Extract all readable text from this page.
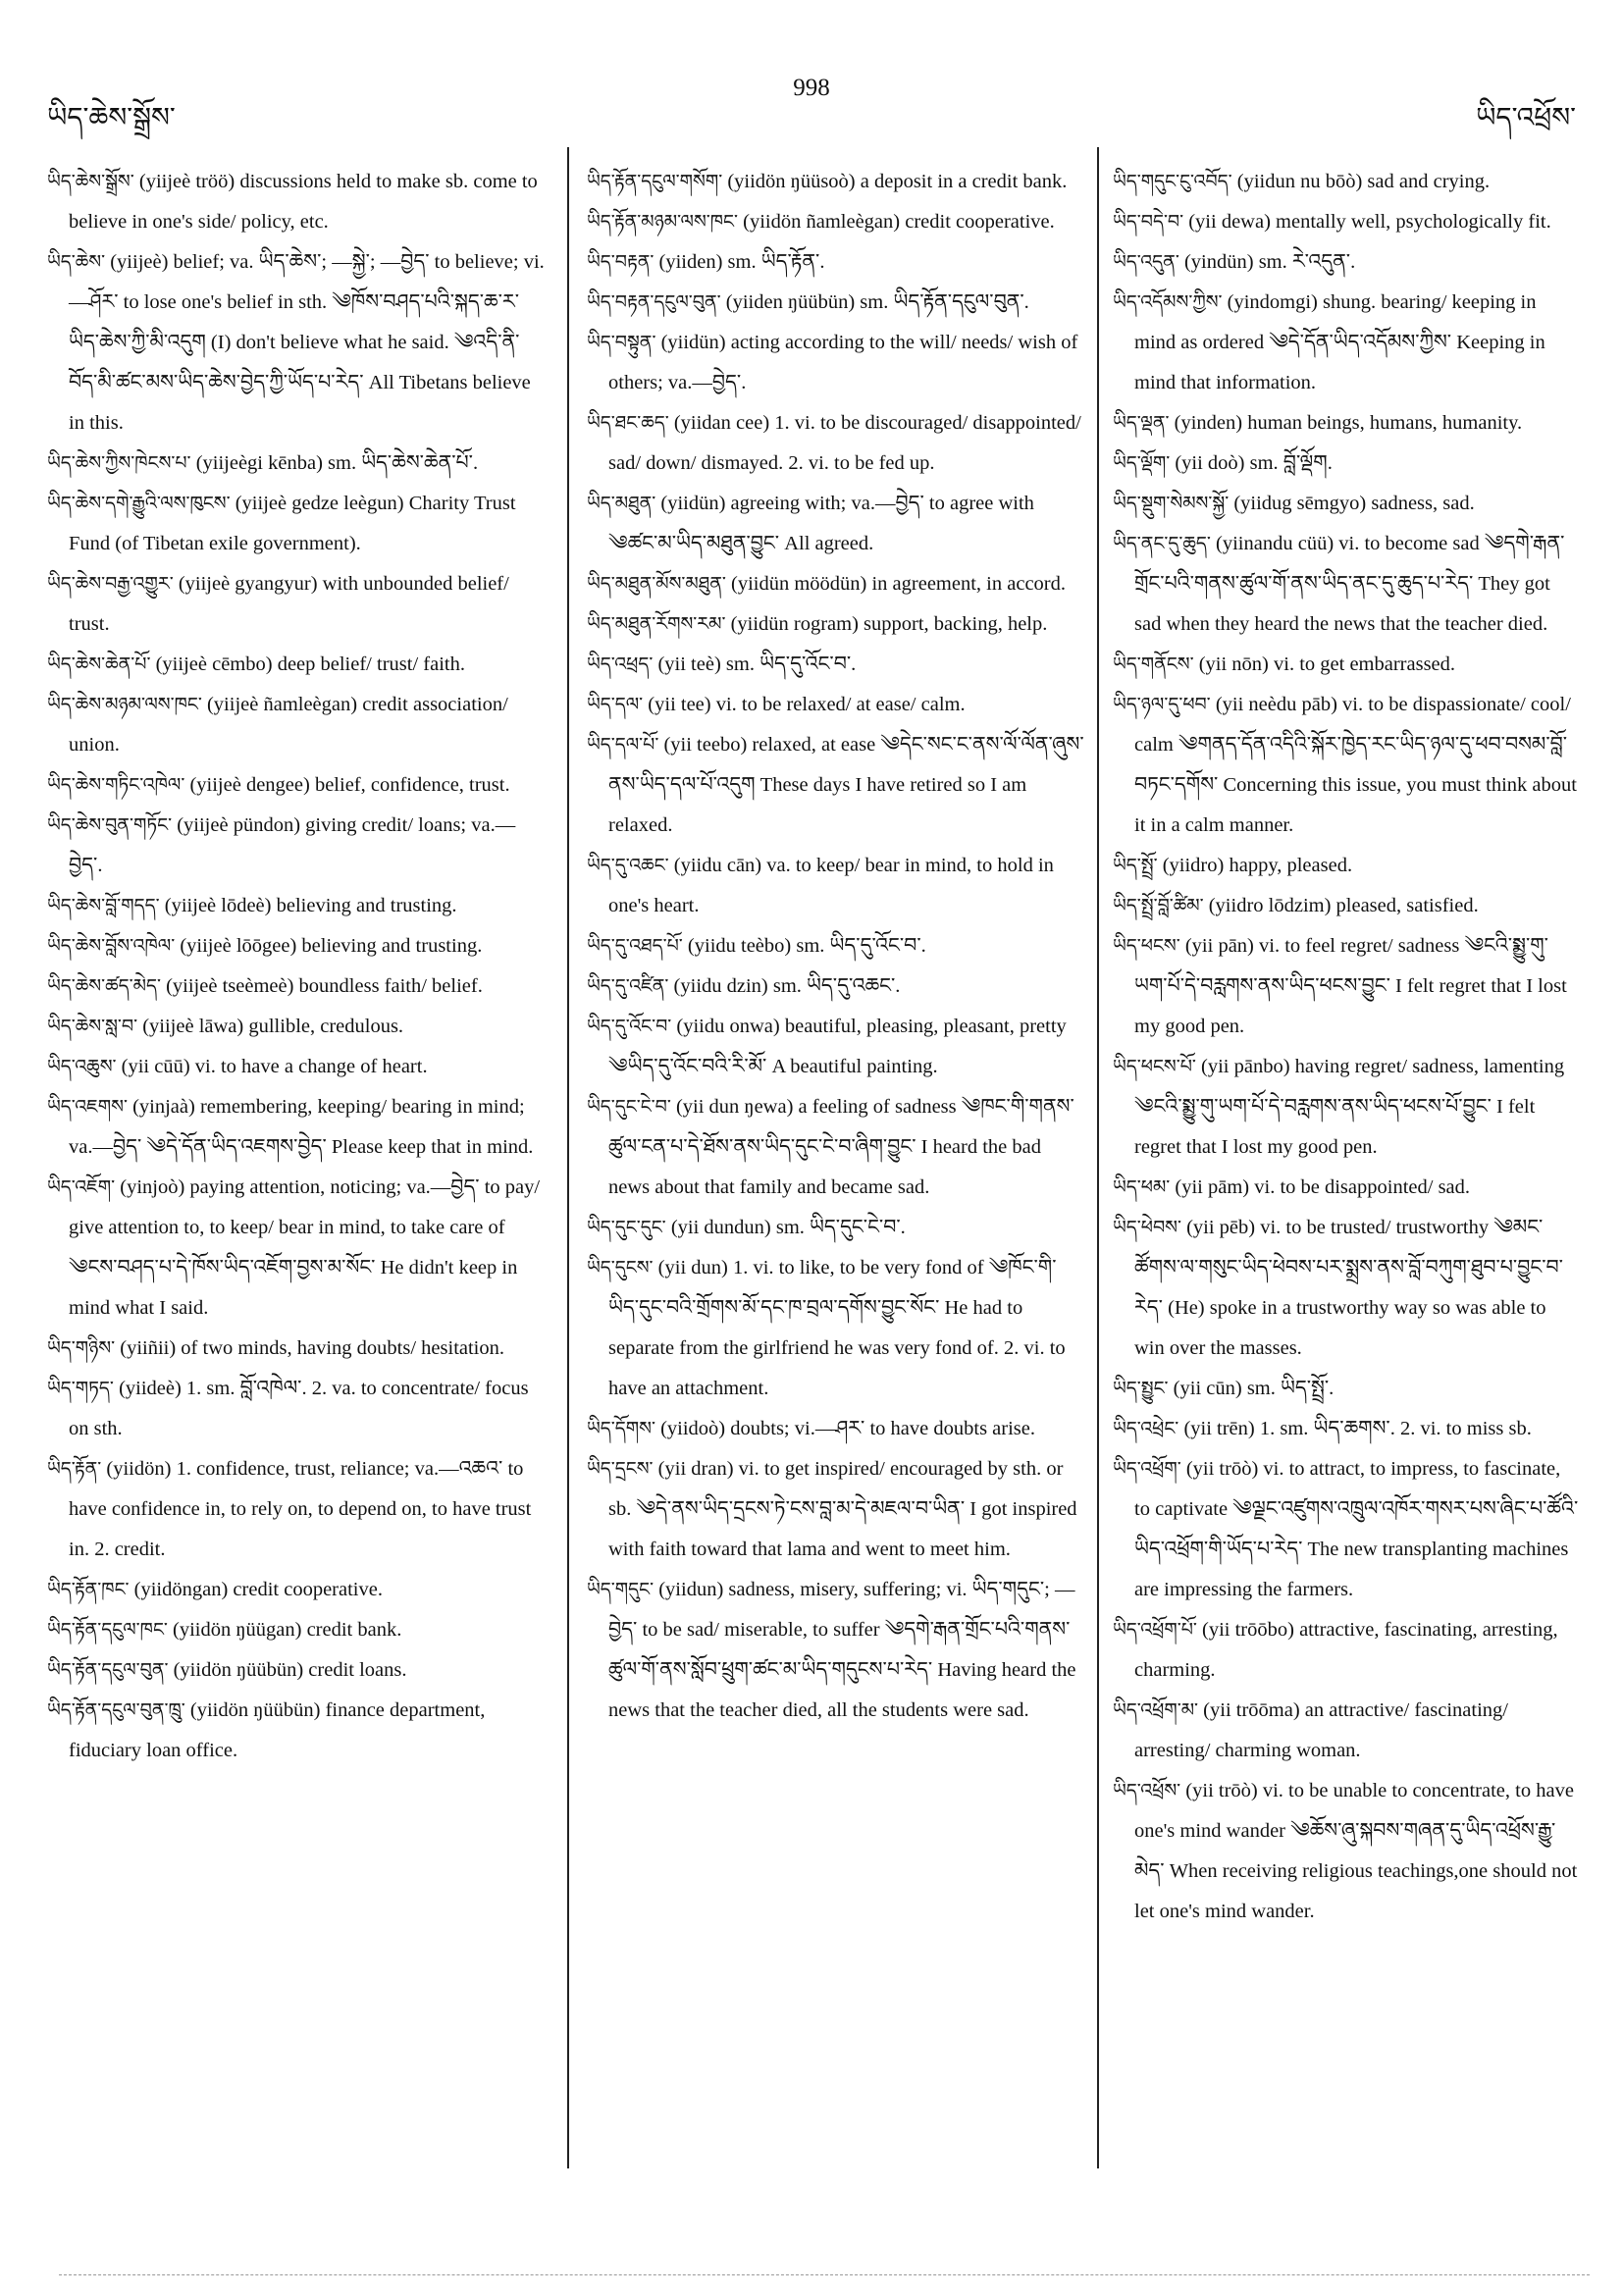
ཡིད་ཆེས་སྒྲོས་
998
ཡིད་འཕྲོས་

ཡིད་ཆེས་སྒྲོས་ (yiijeè tröö) discussions held to make sb. come to believe in one's side/ policy, etc.

ཡིད་ཆེས་ (yiijeè) belief; va. ཡིད་ཆེས་; —སྐྱེ་; —བྱེད་ to believe; vi.—ཤོར་ to lose one's belief in sth. ༄ཁོས་བཤད་པའི་སྐད་ཆ་ར་ཡིད་ཆེས་ཀྱི་མི་འདུག (I) don't believe what he said. ༄འདི་ནི་བོད་མི་ཚང་མས་ཡིད་ཆེས་བྱེད་ཀྱི་ཡོད་པ་རེད་ All Tibetans believe in this.

ཡིད་ཆེས་ཀྱིས་ཁེངས་པ་ (yiijeègi kēnba) sm. ཡིད་ཆེས་ཆེན་པོ་.

ཡིད་ཆེས་དགེ་རྒྱུའི་ལས་ཁུངས་ (yiijeè gedze leègun) Charity Trust Fund (of Tibetan exile government).

ཡིད་ཆེས་བརྒྱ་འགྱུར་ (yiijeè gyangyur) with unbounded belief/ trust.

ཡིད་ཆེས་ཆེན་པོ་ (yiijeè cēmbo) deep belief/ trust/ faith.

ཡིད་ཆེས་མཉམ་ལས་ཁང་ (yiijeè ñamleègan) credit association/ union.

ཡིད་ཆེས་གཏིང་འཁེལ་ (yiijeè dengee) belief, confidence, trust.

ཡིད་ཆེས་བུན་གཏོང་ (yiijeè pündon) giving credit/ loans; va.—བྱེད་.

ཡིད་ཆེས་བློ་གདད་ (yiijeè lōdeè) believing and trusting.

ཡིད་ཆེས་བློས་འཁེལ་ (yiijeè lōōgee) believing and trusting.

ཡིད་ཆེས་ཚད་མེད་ (yiijeè tseèmeè) boundless faith/ belief.

ཡིད་ཆེས་སླ་བ་ (yiijeè lāwa) gullible, credulous.

ཡིད་འཆུས་ (yii cūū) vi. to have a change of heart.

ཡིད་འཇགས་ (yinjaà) remembering, keeping/ bearing in mind; va.—བྱེད་ ༄དེ་དོན་ཡིད་འཇགས་བྱེད་ Please keep that in mind.

ཡིད་འཇོག་ (yinjoò) paying attention, noticing; va.—བྱེད་ to pay/ give attention to, to keep/ bear in mind, to take care of ༄ངས་བཤད་པ་དེ་ཁོས་ཡིད་འཇོག་བྱས་མ་སོང་ He didn't keep in mind what I said.

ཡིད་གཉིས་ (yiiñii) of two minds, having doubts/ hesitation.

ཡིད་གཏད་ (yiideè) 1. sm. བློ་འཁེལ་. 2. va. to concentrate/ focus on sth.

ཡིད་རྟོན་ (yiidön) 1. confidence, trust, reliance; va.—འཆའ་ to have confidence in, to rely on, to depend on, to have trust in. 2. credit.

ཡིད་རྟོན་ཁང་ (yiidöngan) credit cooperative.

ཡིད་རྟོན་དངུལ་ཁང་ (yiidön ŋüügan) credit bank.

ཡིད་རྟོན་དངུལ་བུན་ (yiidön ŋüübün) credit loans.

ཡིད་རྟོན་དངུལ་བུན་ཁྲུ་ (yiidön ŋüübün) finance department, fiduciary loan office.

ཡིད་རྟོན་དངུལ་གསོག་ (yiidön ŋüüsoò) a deposit in a credit bank.

ཡིད་རྟོན་མཉམ་ལས་ཁང་ (yiidön ñamleègan) credit cooperative.

ཡིད་བརྟན་ (yiiden) sm. ཡིད་རྟོན་.

ཡིད་བརྟན་དངུལ་བུན་ (yiiden ŋüübün) sm. ཡིད་རྟོན་དངུལ་བུན་.

ཡིད་བསྟུན་ (yiidün) acting according to the will/ needs/ wish of others; va.—བྱེད་.

ཡིད་ཐང་ཆད་ (yiidan cee) 1. vi. to be discouraged/ disappointed/ sad/ down/ dismayed. 2. vi. to be fed up.

ཡིད་མཐུན་ (yiidün) agreeing with; va.—བྱེད་ to agree with ༄ཚང་མ་ཡིད་མཐུན་བྱུང་ All agreed.

ཡིད་མཐུན་མོས་མཐུན་ (yiidün möödün) in agreement, in accord.

ཡིད་མཐུན་རོགས་རམ་ (yiidün rogram) support, backing, help.

ཡིད་འཕྲད་ (yii teè) sm. ཡིད་དུ་འོང་བ་.

ཡིད་དལ་ (yii tee) vi. to be relaxed/ at ease/ calm.

ཡིད་དལ་པོ་ (yii teebo) relaxed, at ease ༄དེང་སང་ང་ནས་ལོ་ལོན་ཞུས་ནས་ཡིད་དལ་པོ་འདུག These days I have retired so I am relaxed.

ཡིད་དུ་འཆང་ (yiidu cān) va. to keep/ bear in mind, to hold in one's heart.

ཡིད་དུ་འཐད་པོ་ (yiidu teèbo) sm. ཡིད་དུ་འོང་བ་.

ཡིད་དུ་འཛིན་ (yiidu dzin) sm. ཡིད་དུ་འཆང་.

ཡིད་དུ་འོང་བ་ (yiidu onwa) beautiful, pleasing, pleasant, pretty ༄ཡིད་དུ་འོང་བའི་རི་མོ་ A beautiful painting.

ཡིད་དུང་ངེ་བ་ (yii dun ŋewa) a feeling of sadness ༄ཁང་གི་གནས་ཚུལ་ངན་པ་དེ་ཐོས་ནས་ཡིད་དུང་ངེ་བ་ཞིག་བྱུང་ I heard the bad news about that family and became sad.

ཡིད་དུང་དུང་ (yii dundun) sm. ཡིད་དུང་ངེ་བ་.

ཡིད་དུངས་ (yii dun) 1. vi. to like, to be very fond of ༄ཁོང་གི་ཡིད་དུང་བའི་གྲོགས་མོ་དང་ཁ་བྲལ་དགོས་བྱུང་སོང་ He had to separate from the girlfriend he was very fond of. 2. vi. to have an attachment.

ཡིད་དོགས་ (yiidoò) doubts; vi.—ཤར་ to have doubts arise.

ཡིད་དྲངས་ (yii dran) vi. to get inspired/ encouraged by sth. or sb. ༄དེ་ནས་ཡིད་དྲངས་ཏེ་ངས་བླ་མ་དེ་མཇལ་བ་ཡིན་ I got inspired with faith toward that lama and went to meet him.

ཡིད་གདུང་ (yiidun) sadness, misery, suffering; vi. ཡིད་གདུང་; —བྱེད་ to be sad/ miserable, to suffer ༄དགེ་རྒན་གྲོང་པའི་གནས་ཚུལ་གོ་ནས་སློབ་ཕྲུག་ཚང་མ་ཡིད་གདུངས་པ་རེད་ Having heard the news that the teacher died, all the students were sad.

ཡིད་གདུང་ངུ་འབོད་ (yiidun nu bōò) sad and crying.

ཡིད་བདེ་བ་ (yii dewa) mentally well, psychologically fit.

ཡིད་འདུན་ (yindün) sm. རེ་འདུན་.

ཡིད་འདོམས་ཀྱིས་ (yindomgi) shung. bearing/ keeping in mind as ordered ༄དེ་དོན་ཡིད་འདོམས་ཀྱིས་ Keeping in mind that information.

ཡིད་ལྡན་ (yinden) human beings, humans, humanity.

ཡིད་ལྡོག་ (yii doò) sm. བློ་ལྡོག.

ཡིད་སྡུག་སེམས་སྐྱོ་ (yiidug sēmgyo) sadness, sad.

ཡིད་ནང་དུ་ཆུད་ (yiinandu cüü) vi. to become sad ༄དགེ་རྒན་གྲོང་པའི་གནས་ཚུལ་གོ་ནས་ཡིད་ནང་དུ་ཆུད་པ་རེད་ They got sad when they heard the news that the teacher died.

ཡིད་གནོངས་ (yii nōn) vi. to get embarrassed.

ཡིད་ཉལ་དུ་ཕབ་ (yii neèdu pāb) vi. to be dispassionate/ cool/ calm ༄གནད་དོན་འདིའི་སྐོར་ཁྱེད་རང་ཡིད་ཉལ་དུ་ཕབ་བསམ་བློ་བཏང་དགོས་ Concerning this issue, you must think about it in a calm manner.

ཡིད་སྤྲོ་ (yiidro) happy, pleased.

ཡིད་སྤྲོ་བློ་ཚིམ་ (yiidro lōdzim) pleased, satisfied.

ཡིད་ཕངས་ (yii pān) vi. to feel regret/ sadness ༄ངའི་སྨྱུ་གུ་ཡག་པོ་དེ་བརླགས་ནས་ཡིད་ཕངས་བྱུང་ I felt regret that I lost my good pen.

ཡིད་ཕངས་པོ་ (yii pānbo) having regret/ sadness, lamenting ༄ངའི་སྨྱུ་གུ་ཡག་པོ་དེ་བརླགས་ནས་ཡིད་ཕངས་པོ་བྱུང་ I felt regret that I lost my good pen.

ཡིད་ཕམ་ (yii pām) vi. to be disappointed/ sad.

ཡིད་ཕེབས་ (yii pēb) vi. to be trusted/ trustworthy ༄མང་ཚོགས་ལ་གསུང་ཡིད་ཕེབས་པར་སྨྲས་ནས་བློ་བཀུག་ཐུབ་པ་བྱུང་བ་རེད་ (He) spoke in a trustworthy way so was able to win over the masses.

ཡིད་སྤྱུང་ (yii cūn) sm. ཡིད་སྤྲོ་.

ཡིད་འཕྲེང་ (yii trēn) 1. sm. ཡིད་ཆགས་. 2. vi. to miss sb.

ཡིད་འཕྲོག་ (yii trōò) vi. to attract, to impress, to fascinate, to captivate ༄ལྗང་འཛུགས་འཁྲུལ་འཁོར་གསར་པས་ཞིང་པ་ཚོའི་ཡིད་འཕྲོག་གི་ཡོད་པ་རེད་ The new transplanting machines are impressing the farmers.

ཡིད་འཕྲོག་པོ་ (yii trōōbo) attractive, fascinating, arresting, charming.

ཡིད་འཕྲོག་མ་ (yii trōōma) an attractive/ fascinating/ arresting/ charming woman.

ཡིད་འཕྲོས་ (yii trōò) vi. to be unable to concentrate, to have one's mind wander ༄ཆོས་ཞུ་སྐབས་གཞན་དུ་ཡིད་འཕྲོས་རྒྱུ་མེད་ When receiving religious teachings,one should not let one's mind wander.
